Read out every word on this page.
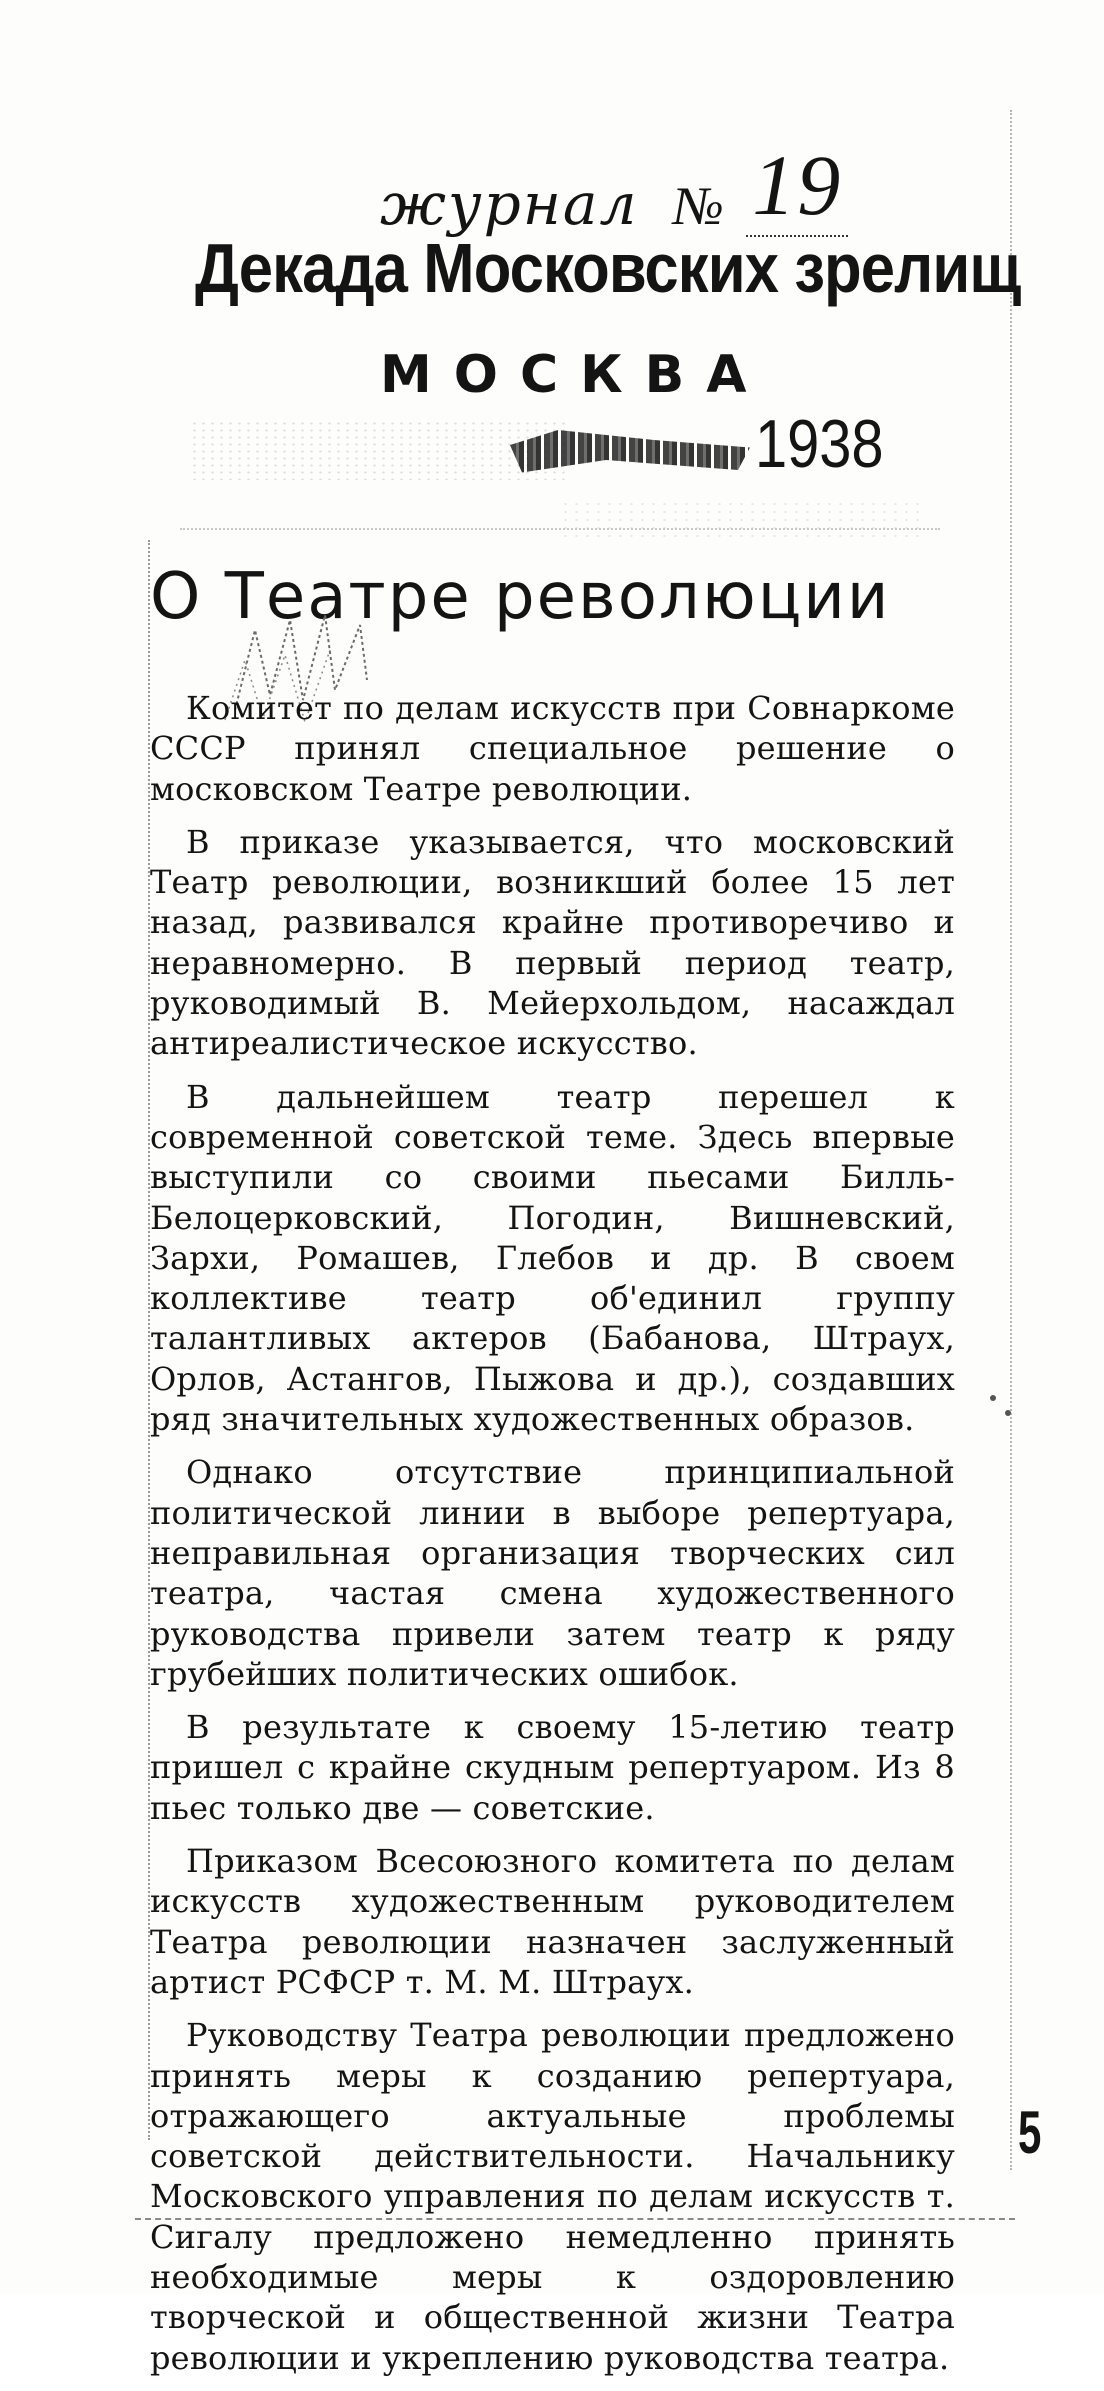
журнал № 19
Декада Московских зрелищ
МОСКВА
1938
О Театре революции

Комитет по делам искусств при Совнаркоме СССР принял специальное решение о московском Театре революции.

В приказе указывается, что московский Театр революции, возникший более 15 лет назад, развивался крайне противоречиво и неравномерно. В первый период театр, руководимый В. Мейерхольдом, насаждал антиреалистическое искусство.

В дальнейшем театр перешел к современной советской теме. Здесь впервые выступили со своими пьесами Билль-Белоцерковский, Погодин, Вишневский, Зархи, Ромашев, Глебов и др. В своем коллективе театр об'единил группу талантливых актеров (Бабанова, Штраух, Орлов, Астангов, Пыжова и др.), создавших ряд значительных художественных образов.

Однако отсутствие принципиальной политической линии в выборе репертуара, неправильная организация творческих сил театра, частая смена художественного руководства привели затем театр к ряду грубейших политических ошибок.

В результате к своему 15-летию театр пришел с крайне скудным репертуаром. Из 8 пьес только две — советские.

Приказом Всесоюзного комитета по делам искусств художественным руководителем Театра революции назначен заслуженный артист РСФСР т. М. М. Штраух.

Руководству Театра революции предложено принять меры к созданию репертуара, отражающего актуальные проблемы советской действительности. Начальнику Московского управления по делам искусств т. Сигалу предложено немедленно принять необходимые меры к оздоровлению творческой и общественной жизни Театра революции и укреплению руководства театра.

5
